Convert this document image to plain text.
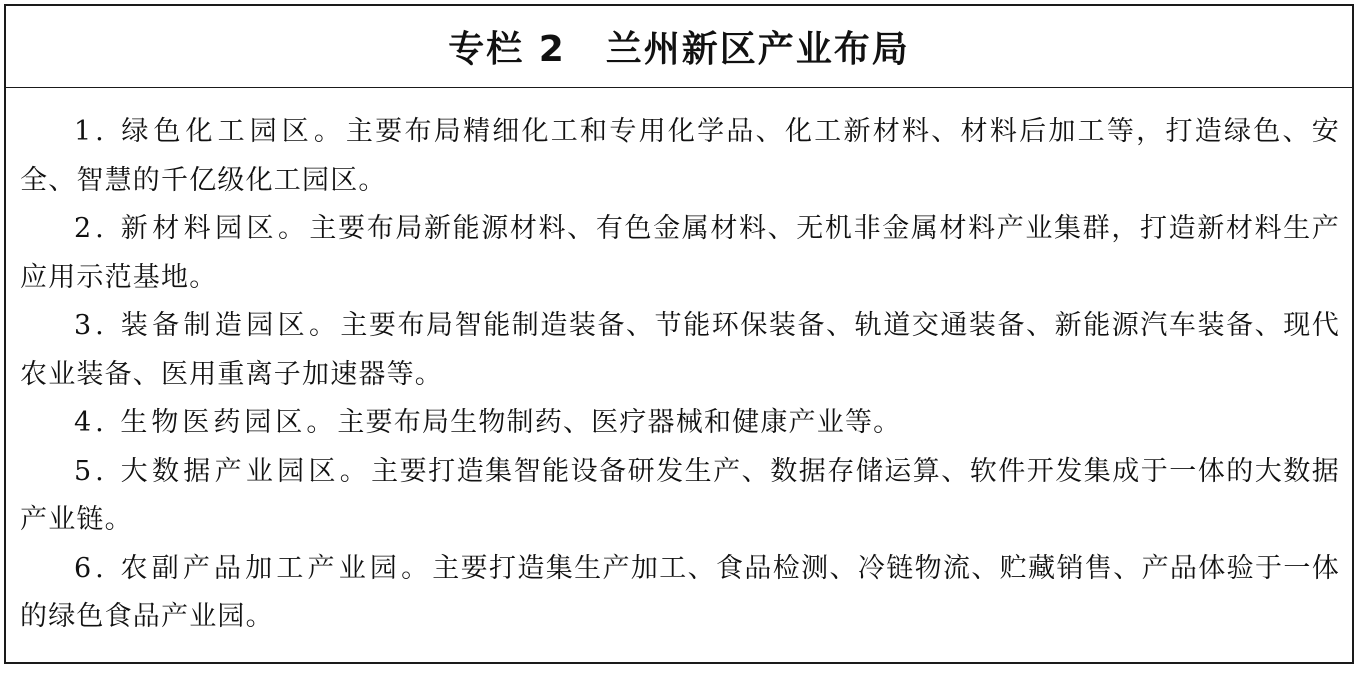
专栏 2 兰州新区产业布局

1. 绿色化工园区。主要布局精细化工和专用化学品、化工新材料、材料后加工等，打造绿色、安全、智慧的千亿级化工园区。

2. 新材料园区。主要布局新能源材料、有色金属材料、无机非金属材料产业集群，打造新材料生产应用示范基地。

3. 装备制造园区。主要布局智能制造装备、节能环保装备、轨道交通装备、新能源汽车装备、现代农业装备、医用重离子加速器等。

4. 生物医药园区。主要布局生物制药、医疗器械和健康产业等。

5. 大数据产业园区。主要打造集智能设备研发生产、数据存储运算、软件开发集成于一体的大数据产业链。

6. 农副产品加工产业园。主要打造集生产加工、食品检测、冷链物流、贮藏销售、产品体验于一体的绿色食品产业园。
